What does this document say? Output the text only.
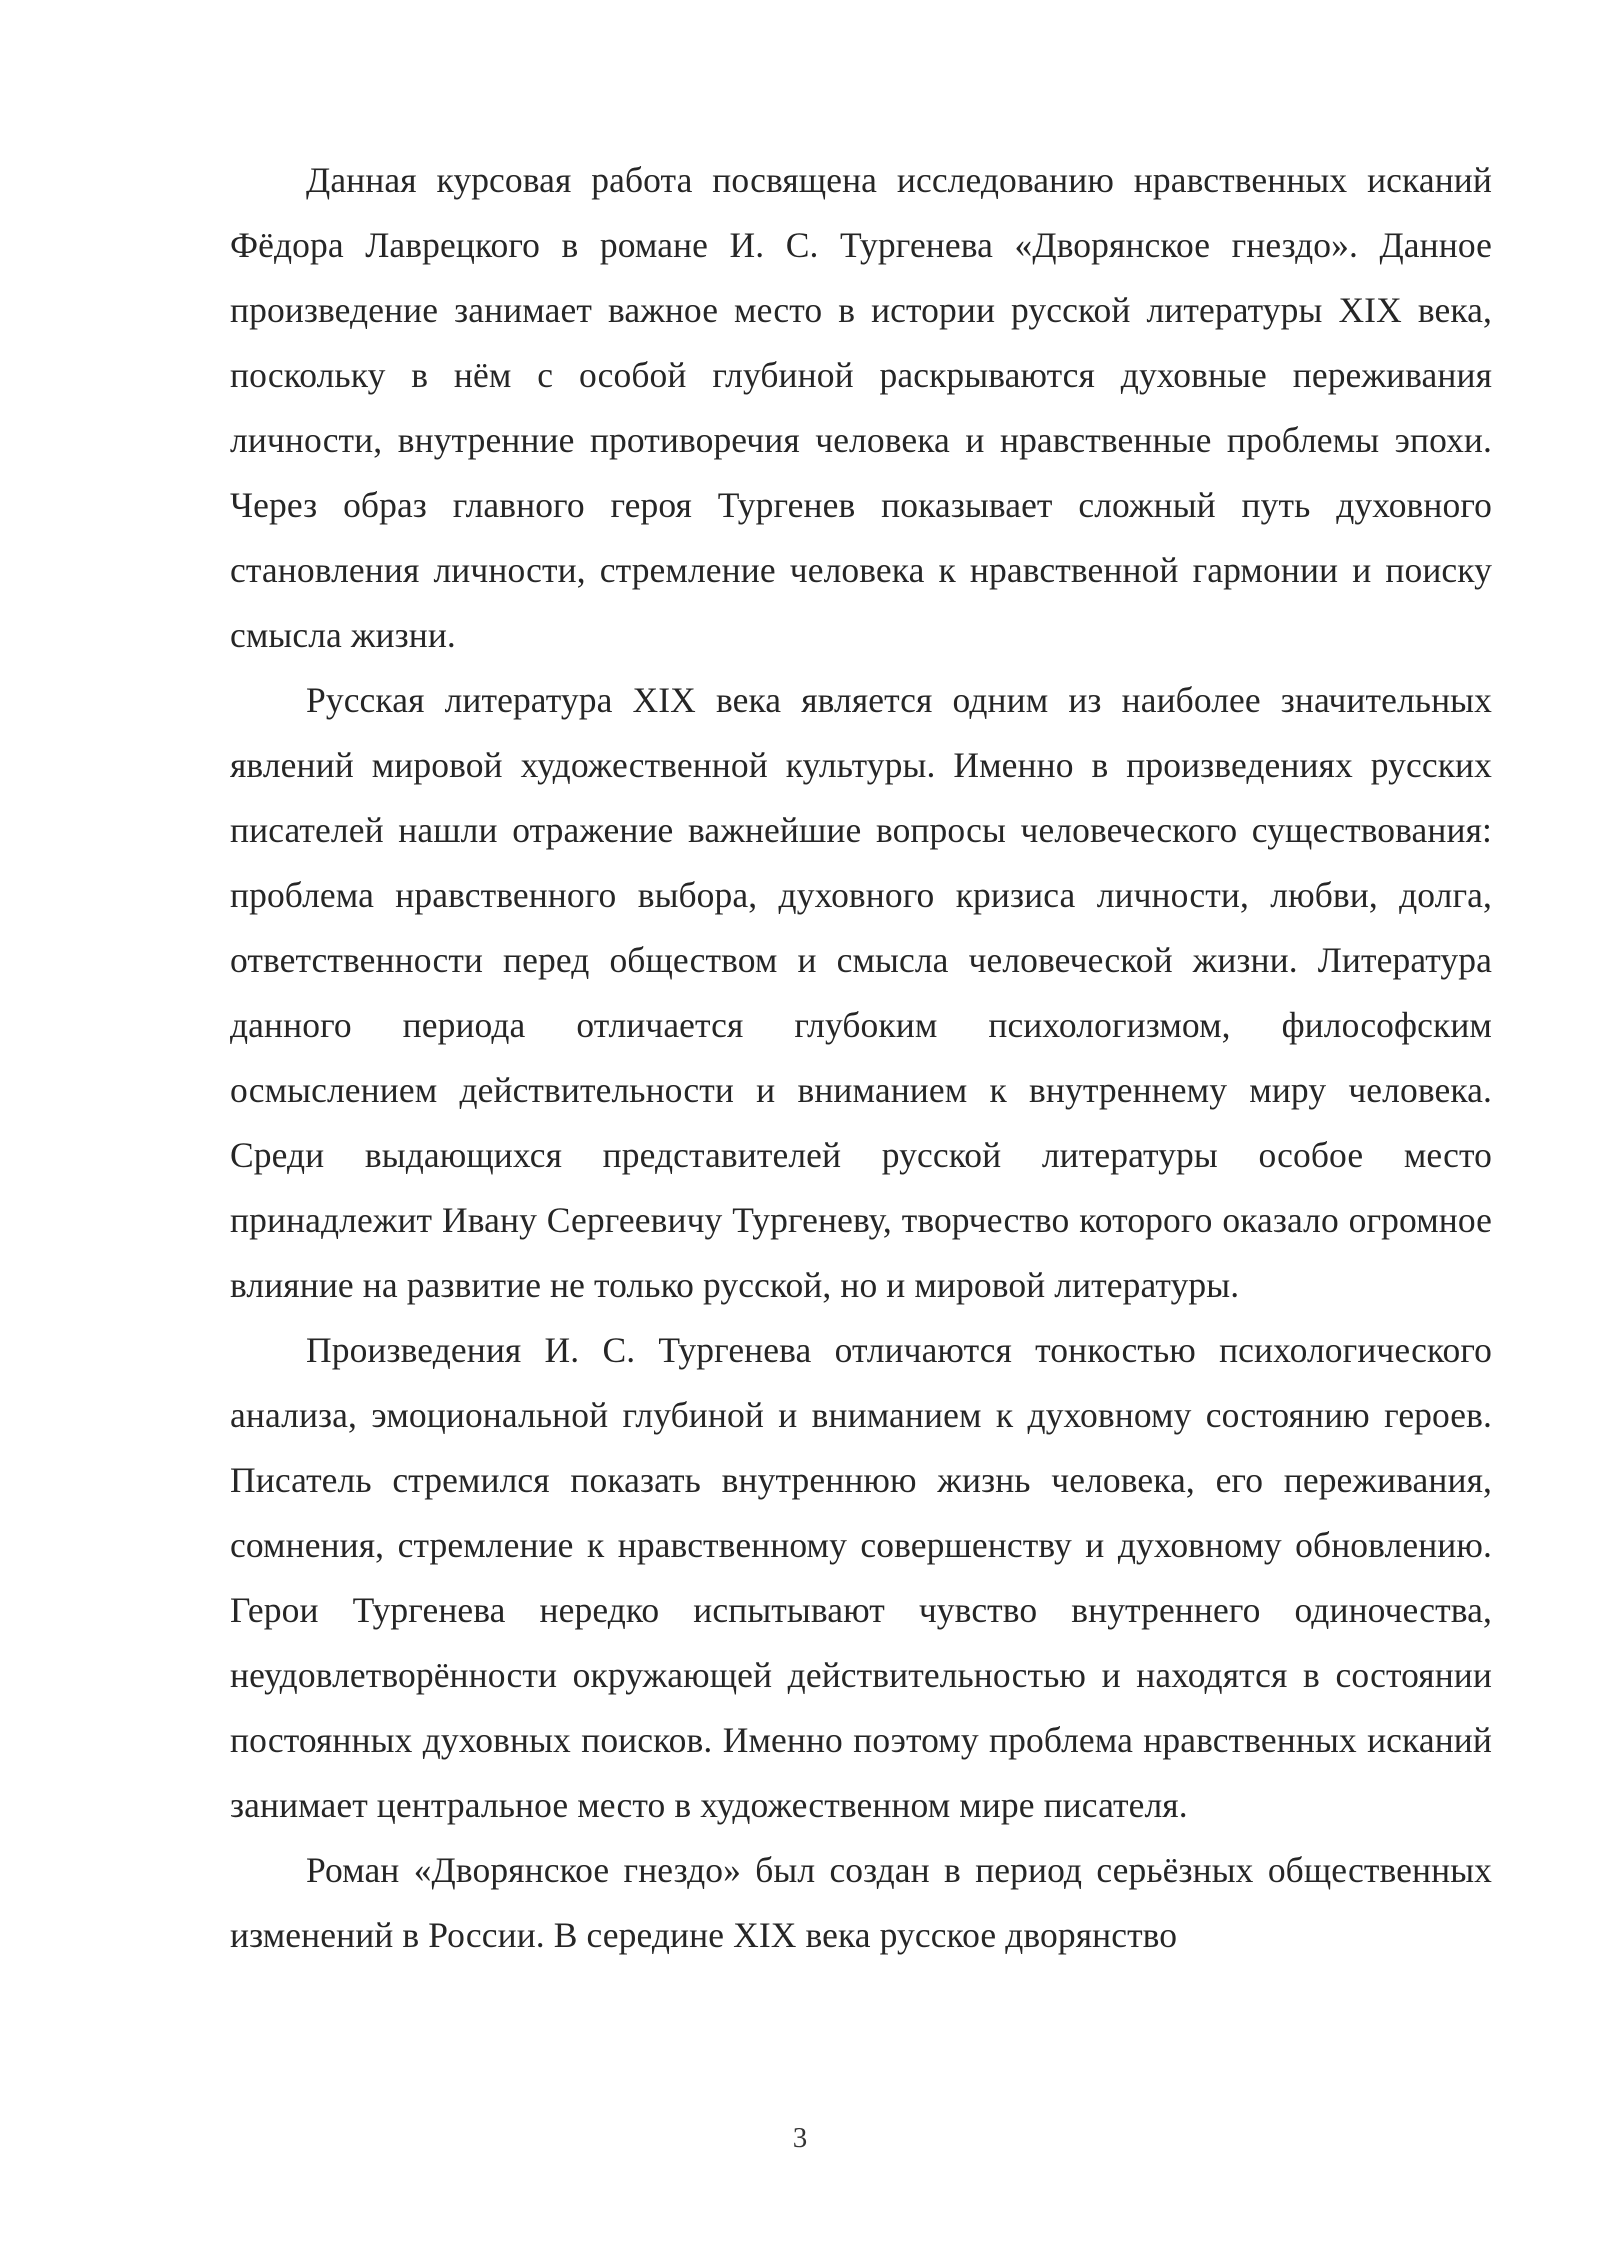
Данная курсовая работа посвящена исследованию нравственных исканий Фёдора Лаврецкого в романе И. С. Тургенева «Дворянское гнездо». Данное произведение занимает важное место в истории русской литературы XIX века, поскольку в нём с особой глубиной раскрываются духовные переживания личности, внутренние противоречия человека и нравственные проблемы эпохи. Через образ главного героя Тургенев показывает сложный путь духовного становления личности, стремление человека к нравственной гармонии и поиску смысла жизни.

Русская литература XIX века является одним из наиболее значительных явлений мировой художественной культуры. Именно в произведениях русских писателей нашли отражение важнейшие вопросы человеческого существования: проблема нравственного выбора, духовного кризиса личности, любви, долга, ответственности перед обществом и смысла человеческой жизни. Литература данного периода отличается глубоким психологизмом, философским осмыслением действительности и вниманием к внутреннему миру человека. Среди выдающихся представителей русской литературы особое место принадлежит Ивану Сергеевичу Тургеневу, творчество которого оказало огромное влияние на развитие не только русской, но и мировой литературы.

Произведения И. С. Тургенева отличаются тонкостью психологического анализа, эмоциональной глубиной и вниманием к духовному состоянию героев. Писатель стремился показать внутреннюю жизнь человека, его переживания, сомнения, стремление к нравственному совершенству и духовному обновлению. Герои Тургенева нередко испытывают чувство внутреннего одиночества, неудовлетворённости окружающей действительностью и находятся в состоянии постоянных духовных поисков. Именно поэтому проблема нравственных исканий занимает центральное место в художественном мире писателя.

Роман «Дворянское гнездо» был создан в период серьёзных общественных изменений в России. В середине XIX века русское дворянство

3
